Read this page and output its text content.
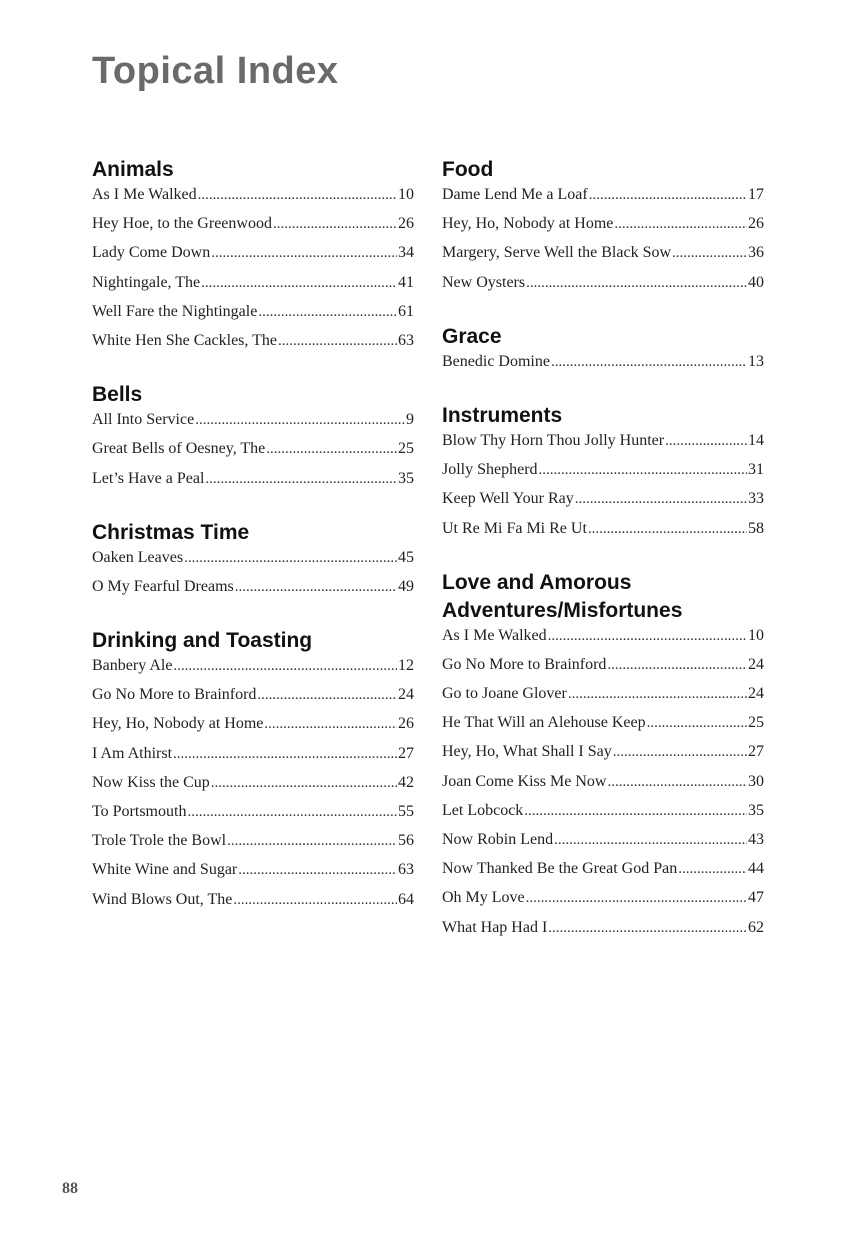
Topical Index
Animals
As I Me Walked .....	10
Hey Hoe, to the Greenwood .....	26
Lady Come Down .....	34
Nightingale, The .....	41
Well Fare the Nightingale .....	61
White Hen She Cackles, The .....	63
Bells
All Into Service .....	9
Great Bells of Oesney, The .....	25
Let’s Have a Peal .....	35
Christmas Time
Oaken Leaves .....	45
O My Fearful Dreams .....	49
Drinking and Toasting
Banbery Ale .....	12
Go No More to Brainford .....	24
Hey, Ho, Nobody at Home .....	26
I Am Athirst .....	27
Now Kiss the Cup .....	42
To Portsmouth .....	55
Trole Trole the Bowl .....	56
White Wine and Sugar .....	63
Wind Blows Out, The .....	64
Food
Dame Lend Me a Loaf .....	17
Hey, Ho, Nobody at Home .....	26
Margery, Serve Well the Black Sow .....	36
New Oysters .....	40
Grace
Benedic Domine .....	13
Instruments
Blow Thy Horn Thou Jolly Hunter .....	14
Jolly Shepherd .....	31
Keep Well Your Ray .....	33
Ut Re Mi Fa Mi Re Ut .....	58
Love and Amorous Adventures/Misfortunes
As I Me Walked .....	10
Go No More to Brainford .....	24
Go to Joane Glover .....	24
He That Will an Alehouse Keep .....	25
Hey, Ho, What Shall I Say .....	27
Joan Come Kiss Me Now .....	30
Let Lobcock .....	35
Now Robin Lend .....	43
Now Thanked Be the Great God Pan .....	44
Oh My Love .....	47
What Hap Had I .....	62
88
